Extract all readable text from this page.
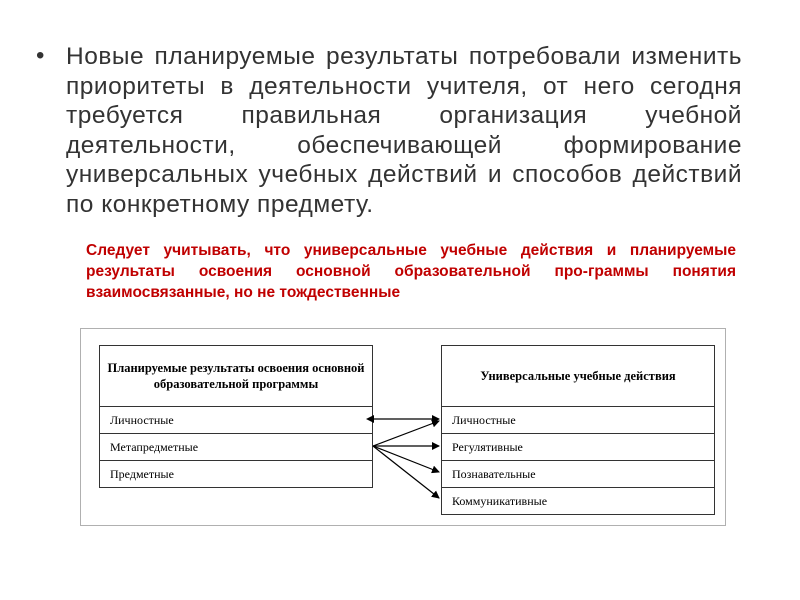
• Новые планируемые результаты потребовали изменить приоритеты в деятельности учителя, от него сегодня требуется правильная организация учебной деятельности, обеспечивающей формирование универсальных учебных действий и способов действий по конкретному предмету.
Следует учитывать, что универсальные учебные действия и планируемые результаты освоения основной образовательной про-граммы понятия взаимосвязанные, но не тождественные
Планируемые результаты освоения основной образовательной программы
Личностные
Метапредметные
Предметные
Универсальные учебные действия
Личностные
Регулятивные
Познавательные
Коммуникативные
